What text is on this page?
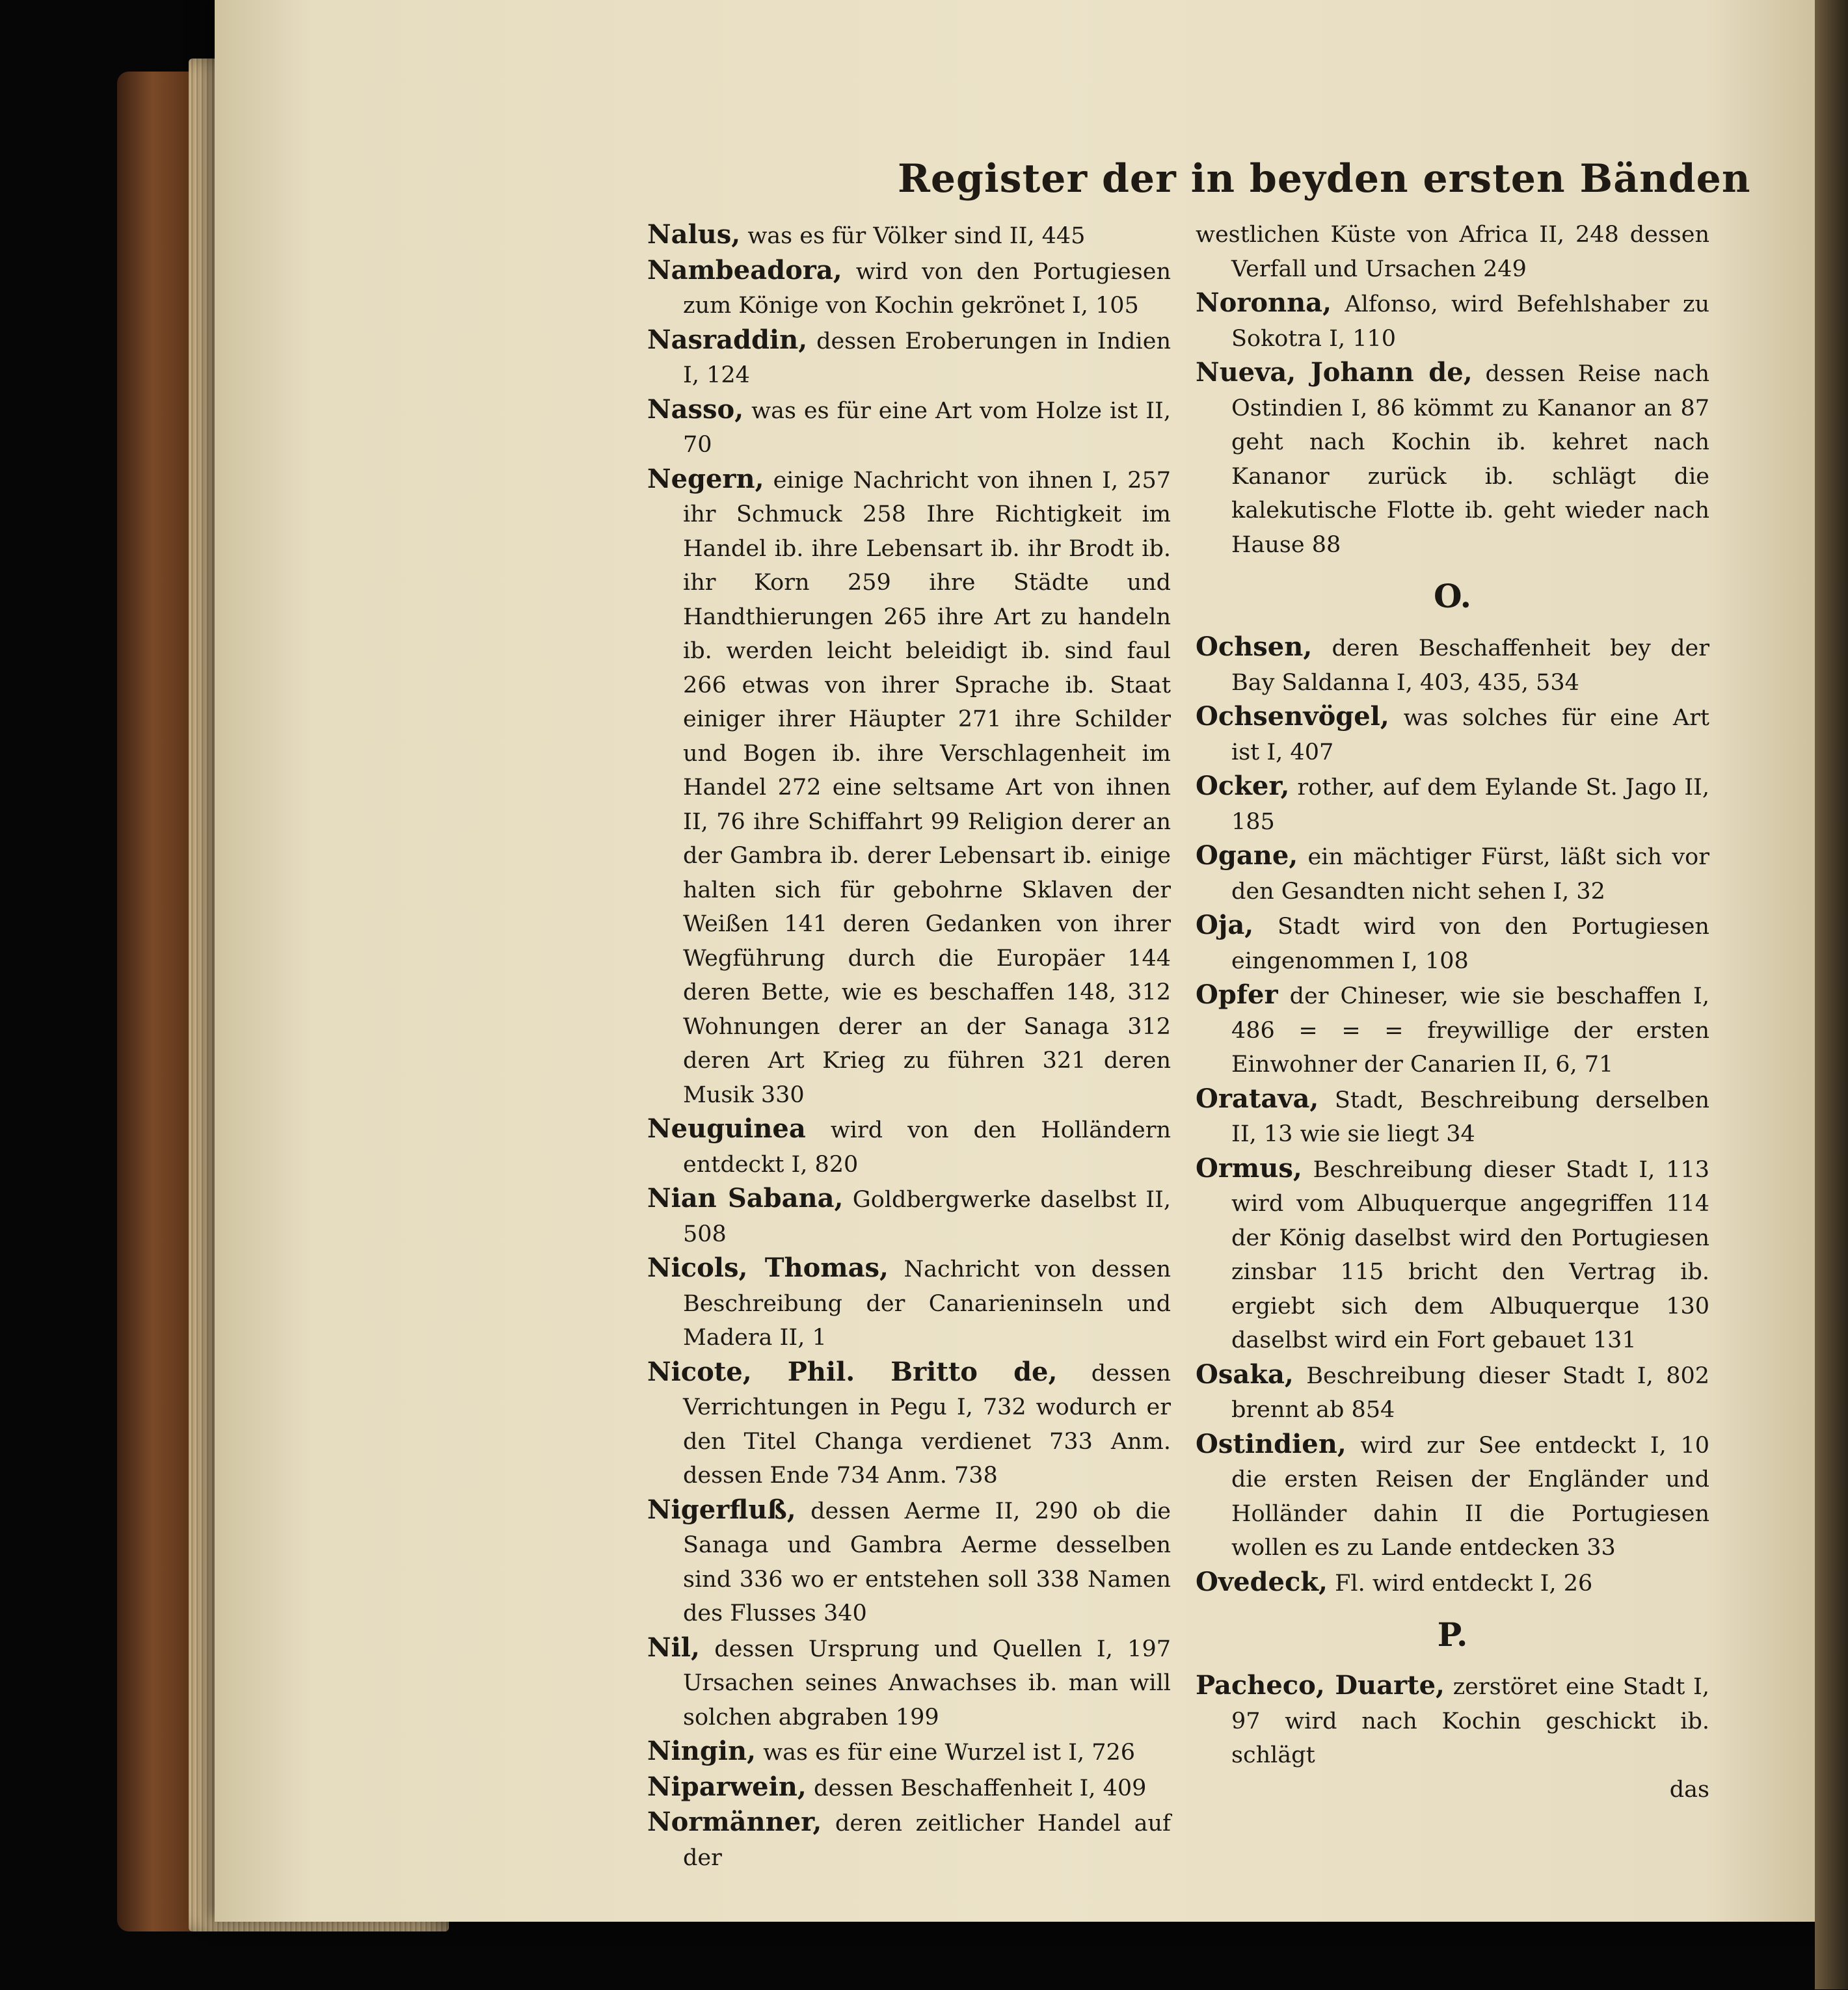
Register der in beyden ersten Bänden
Nalus, was es für Völker sind II, 445
Nambeadora, wird von den Portugiesen zum Könige von Kochin gekrönet I, 105
Nasraddin, dessen Eroberungen in Indien I, 124
Nasso, was es für eine Art vom Holze ist II, 70
Negern, einige Nachricht von ihnen I, 257 ihr Schmuck 258 Ihre Richtigkeit im Handel ib. ihre Lebensart ib. ihr Brodt ib. ihr Korn 259 ihre Städte und Handthierungen 265 ihre Art zu handeln ib. werden leicht beleidigt ib. sind faul 266 etwas von ihrer Sprache ib. Staat einiger ihrer Häupter 271 ihre Schilder und Bogen ib. ihre Verschlagenheit im Handel 272 eine seltsame Art von ihnen II, 76 ihre Schiffahrt 99 Religion derer an der Gambra ib. derer Lebensart ib. einige halten sich für gebohrne Sklaven der Weißen 141 deren Gedanken von ihrer Wegführung durch die Europäer 144 deren Bette, wie es beschaffen 148, 312 Wohnungen derer an der Sanaga 312 deren Art Krieg zu führen 321 deren Musik 330
Neuguinea wird von den Holländern entdeckt I, 820
Nian Sabana, Goldbergwerke daselbst II, 508
Nicols, Thomas, Nachricht von dessen Beschreibung der Canarieninseln und Madera II, 1
Nicote, Phil. Britto de, dessen Verrichtungen in Pegu I, 732 wodurch er den Titel Changa verdienet 733 Anm. dessen Ende 734 Anm. 738
Nigerfluß, dessen Aerme II, 290 ob die Sanaga und Gambra Aerme desselben sind 336 wo er entstehen soll 338 Namen des Flusses 340
Nil, dessen Ursprung und Quellen I, 197 Ursachen seines Anwachses ib. man will solchen abgraben 199
Ningin, was es für eine Wurzel ist I, 726
Niparwein, dessen Beschaffenheit I, 409
Normänner, deren zeitlicher Handel auf der
westlichen Küste von Africa II, 248 dessen Verfall und Ursachen 249
Noronna, Alfonso, wird Befehlshaber zu Sokotra I, 110
Nueva, Johann de, dessen Reise nach Ostindien I, 86 kömmt zu Kananor an 87 geht nach Kochin ib. kehret nach Kananor zurück ib. schlägt die kalekutische Flotte ib. geht wieder nach Hause 88
O.
Ochsen, deren Beschaffenheit bey der Bay Saldanna I, 403, 435, 534
Ochsenvögel, was solches für eine Art ist I, 407
Ocker, rother, auf dem Eylande St. Jago II, 185
Ogane, ein mächtiger Fürst, läßt sich vor den Gesandten nicht sehen I, 32
Oja, Stadt wird von den Portugiesen eingenommen I, 108
Opfer der Chineser, wie sie beschaffen I, 486 = = = freywillige der ersten Einwohner der Canarien II, 6, 71
Oratava, Stadt, Beschreibung derselben II, 13 wie sie liegt 34
Ormus, Beschreibung dieser Stadt I, 113 wird vom Albuquerque angegriffen 114 der König daselbst wird den Portugiesen zinsbar 115 bricht den Vertrag ib. ergiebt sich dem Albuquerque 130 daselbst wird ein Fort gebauet 131
Osaka, Beschreibung dieser Stadt I, 802 brennt ab 854
Ostindien, wird zur See entdeckt I, 10 die ersten Reisen der Engländer und Holländer dahin II die Portugiesen wollen es zu Lande entdecken 33
Ovedeck, Fl. wird entdeckt I, 26
P.
Pacheco, Duarte, zerstöret eine Stadt I, 97 wird nach Kochin geschickt ib. schlägt
das
